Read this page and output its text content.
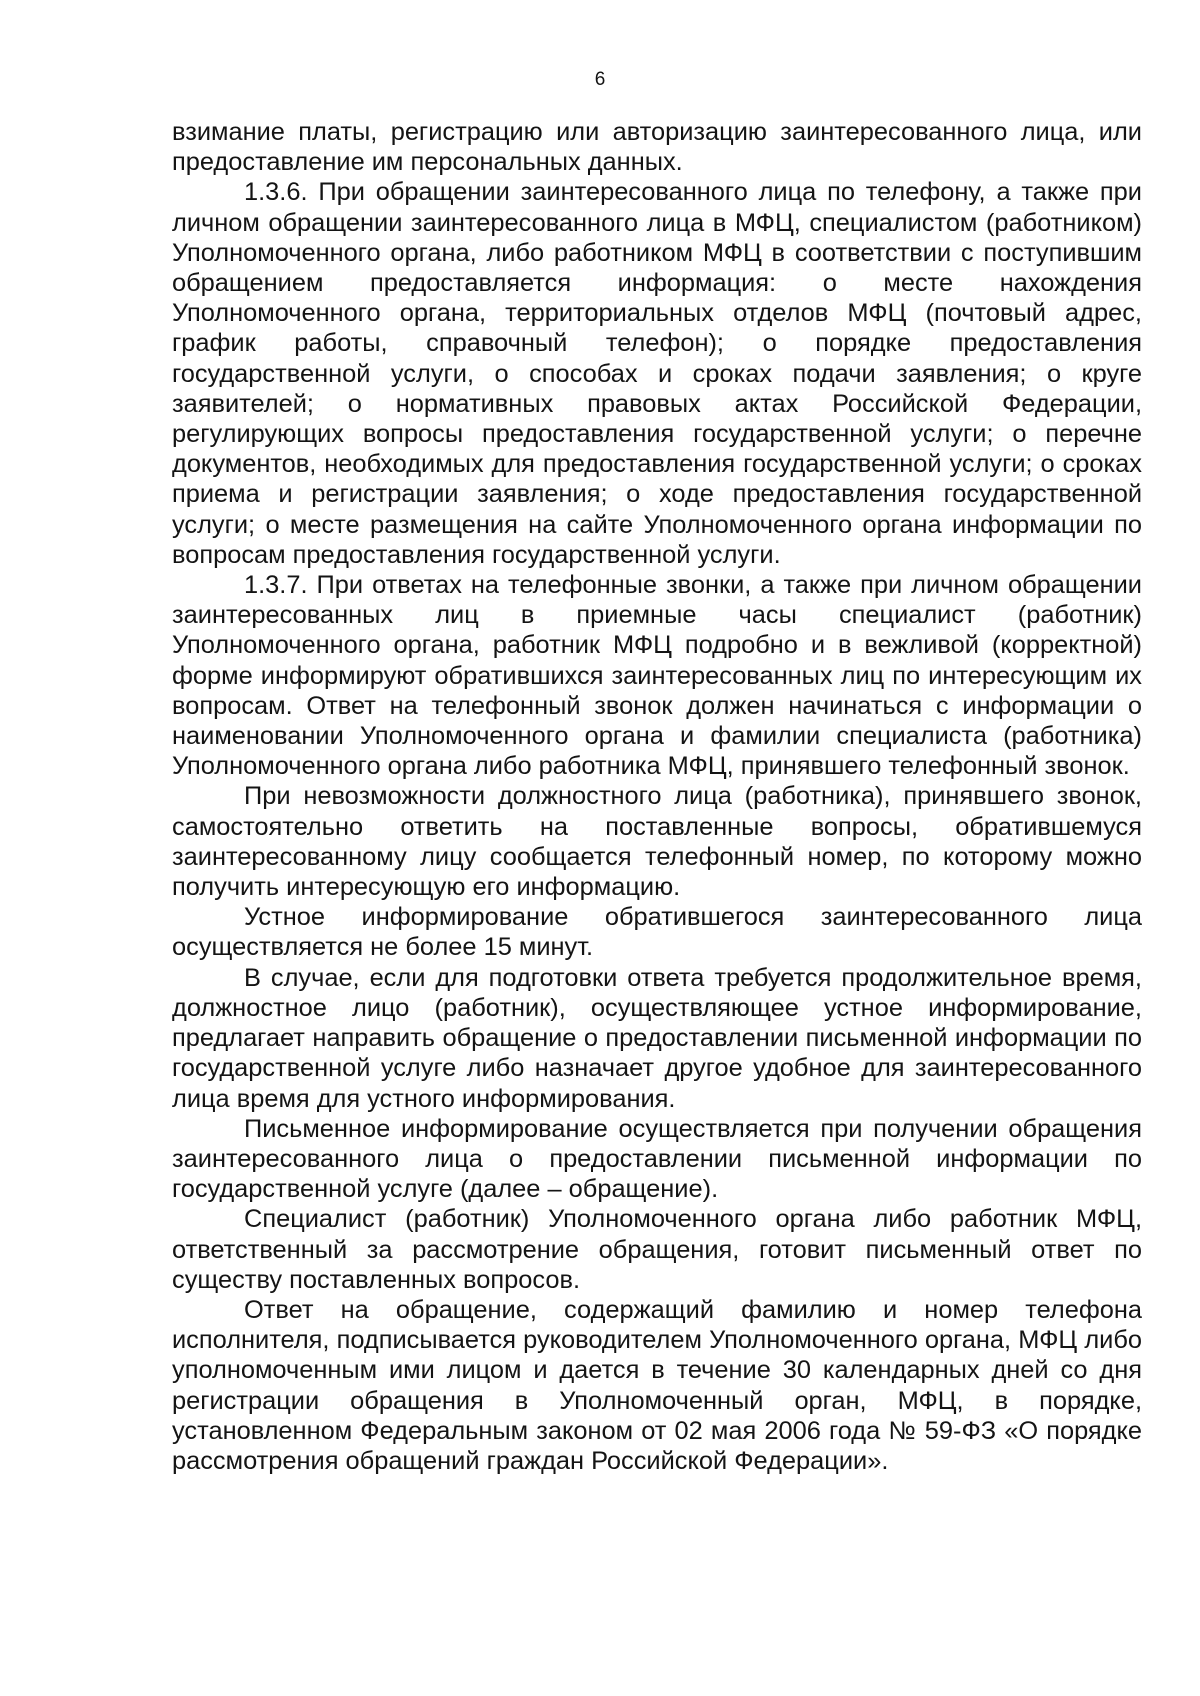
6

взимание платы, регистрацию или авторизацию заинтересованного лица, или предоставление им персональных данных.

1.3.6. При обращении заинтересованного лица по телефону, а также при личном обращении заинтересованного лица в МФЦ, специалистом (работником) Уполномоченного органа, либо работником МФЦ в соответствии с поступившим обращением предоставляется информация: о месте нахождения Уполномоченного органа, территориальных отделов МФЦ (почтовый адрес, график работы, справочный телефон); о порядке предоставления государственной услуги, о способах и сроках подачи заявления; о круге заявителей; о нормативных правовых актах Российской Федерации, регулирующих вопросы предоставления государственной услуги; о перечне документов, необходимых для предоставления государственной услуги; о сроках приема и регистрации заявления; о ходе предоставления государственной услуги; о месте размещения на сайте Уполномоченного органа информации по вопросам предоставления государственной услуги.

1.3.7. При ответах на телефонные звонки, а также при личном обращении заинтересованных лиц в приемные часы специалист (работник) Уполномоченного органа, работник МФЦ подробно и в вежливой (корректной) форме информируют обратившихся заинтересованных лиц по интересующим их вопросам. Ответ на телефонный звонок должен начинаться с информации о наименовании Уполномоченного органа и фамилии специалиста (работника) Уполномоченного органа либо работника МФЦ, принявшего телефонный звонок.

При невозможности должностного лица (работника), принявшего звонок, самостоятельно ответить на поставленные вопросы, обратившемуся заинтересованному лицу сообщается телефонный номер, по которому можно получить интересующую его информацию.

Устное информирование обратившегося заинтересованного лица осуществляется не более 15 минут.

В случае, если для подготовки ответа требуется продолжительное время, должностное лицо (работник), осуществляющее устное информирование, предлагает направить обращение о предоставлении письменной информации по государственной услуге либо назначает другое удобное для заинтересованного лица время для устного информирования.

Письменное информирование осуществляется при получении обращения заинтересованного лица о предоставлении письменной информации по государственной услуге (далее – обращение).

Специалист (работник) Уполномоченного органа либо работник МФЦ, ответственный за рассмотрение обращения, готовит письменный ответ по существу поставленных вопросов.

Ответ на обращение, содержащий фамилию и номер телефона исполнителя, подписывается руководителем Уполномоченного органа, МФЦ либо уполномоченным ими лицом и дается в течение 30 календарных дней со дня регистрации обращения в Уполномоченный орган, МФЦ, в порядке, установленном Федеральным законом от 02 мая 2006 года № 59-ФЗ «О порядке рассмотрения обращений граждан Российской Федерации».
